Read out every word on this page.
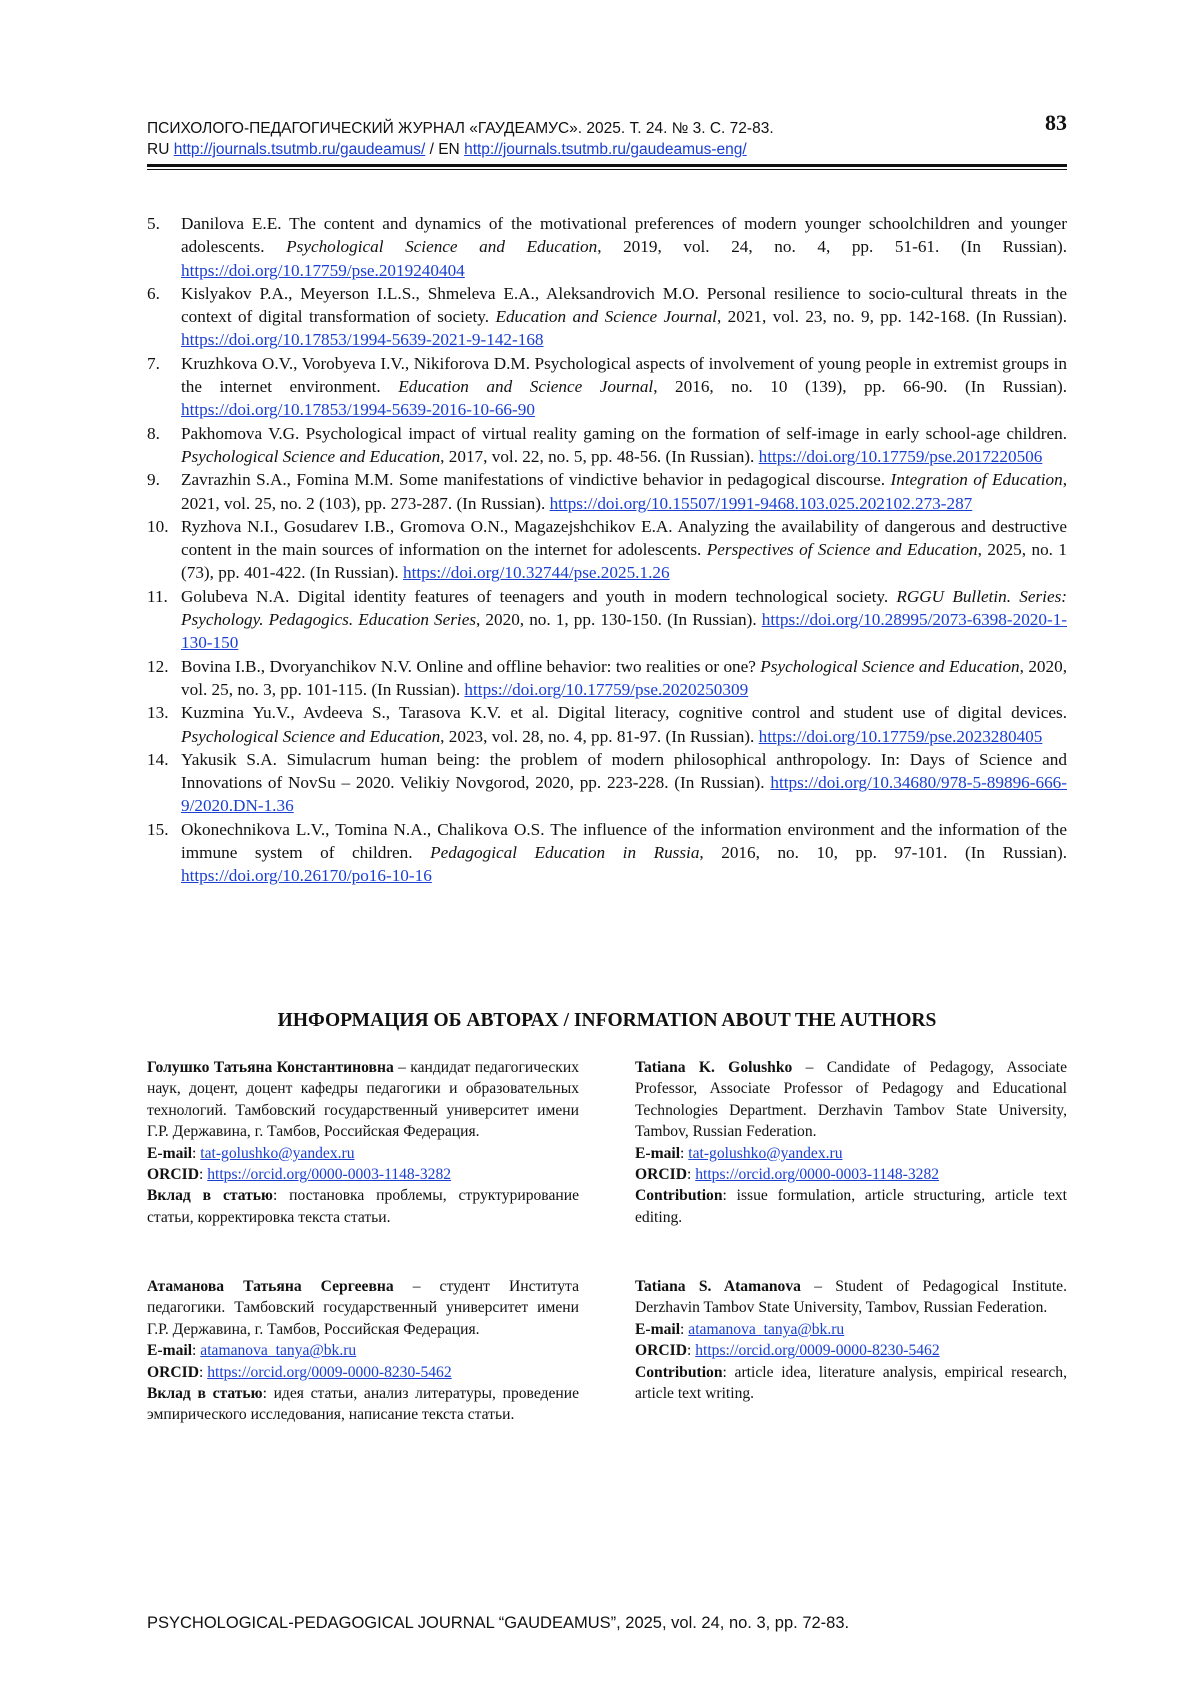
ПСИХОЛОГО-ПЕДАГОГИЧЕСКИЙ ЖУРНАЛ «ГАУДЕАМУС». 2025. Т. 24. № 3. С. 72-83.
RU http://journals.tsutmb.ru/gaudeamus/ / EN http://journals.tsutmb.ru/gaudeamus-eng/
83

5. Danilova E.E. The content and dynamics of the motivational preferences of modern younger schoolchildren and younger adolescents. Psychological Science and Education, 2019, vol. 24, no. 4, pp. 51-61. (In Russian). https://doi.org/10.17759/pse.2019240404

6. Kislyakov P.A., Meyerson I.L.S., Shmeleva E.A., Aleksandrovich M.O. Personal resilience to socio-cultural threats in the context of digital transformation of society. Education and Science Journal, 2021, vol. 23, no. 9, pp. 142-168. (In Russian). https://doi.org/10.17853/1994-5639-2021-9-142-168

7. Kruzhkova O.V., Vorobyeva I.V., Nikiforova D.M. Psychological aspects of involvement of young people in extremist groups in the internet environment. Education and Science Journal, 2016, no. 10 (139), pp. 66-90. (In Russian). https://doi.org/10.17853/1994-5639-2016-10-66-90

8. Pakhomova V.G. Psychological impact of virtual reality gaming on the formation of self-image in early school-age children. Psychological Science and Education, 2017, vol. 22, no. 5, pp. 48-56. (In Russian). https://doi.org/10.17759/pse.2017220506

9. Zavrazhin S.A., Fomina M.M. Some manifestations of vindictive behavior in pedagogical discourse. Integration of Education, 2021, vol. 25, no. 2 (103), pp. 273-287. (In Russian). https://doi.org/10.15507/1991-9468.103.025.202102.273-287

10. Ryzhova N.I., Gosudarev I.B., Gromova O.N., Magazejshchikov E.A. Analyzing the availability of dangerous and destructive content in the main sources of information on the internet for adolescents. Perspectives of Science and Education, 2025, no. 1 (73), pp. 401-422. (In Russian). https://doi.org/10.32744/pse.2025.1.26

11. Golubeva N.A. Digital identity features of teenagers and youth in modern technological society. RGGU Bulletin. Series: Psychology. Pedagogics. Education Series, 2020, no. 1, pp. 130-150. (In Russian). https://doi.org/10.28995/2073-6398-2020-1-130-150

12. Bovina I.B., Dvoryanchikov N.V. Online and offline behavior: two realities or one? Psychological Science and Education, 2020, vol. 25, no. 3, pp. 101-115. (In Russian). https://doi.org/10.17759/pse.2020250309

13. Kuzmina Yu.V., Avdeeva S., Tarasova K.V. et al. Digital literacy, cognitive control and student use of digital devices. Psychological Science and Education, 2023, vol. 28, no. 4, pp. 81-97. (In Russian). https://doi.org/10.17759/pse.2023280405

14. Yakusik S.A. Simulacrum human being: the problem of modern philosophical anthropology. In: Days of Science and Innovations of NovSu – 2020. Velikiy Novgorod, 2020, pp. 223-228. (In Russian). https://doi.org/10.34680/978-5-89896-666-9/2020.DN-1.36

15. Okonechnikova L.V., Tomina N.A., Chalikova O.S. The influence of the information environment and the information of the immune system of children. Pedagogical Education in Russia, 2016, no. 10, pp. 97-101. (In Russian). https://doi.org/10.26170/po16-10-16

ИНФОРМАЦИЯ ОБ АВТОРАХ / INFORMATION ABOUT THE AUTHORS

Голушко Татьяна Константиновна – кандидат педагогических наук, доцент, доцент кафедры педагогики и образовательных технологий. Тамбовский государственный университет имени Г.Р. Державина, г. Тамбов, Российская Федерация.

E-mail: tat-golushko@yandex.ru

ORCID: https://orcid.org/0000-0003-1148-3282

Вклад в статью: постановка проблемы, структурирование статьи, корректировка текста статьи.

Tatiana K. Golushko – Candidate of Pedagogy, Associate Professor, Associate Professor of Pedagogy and Educational Technologies Department. Derzhavin Tambov State University, Tambov, Russian Federation.

E-mail: tat-golushko@yandex.ru

ORCID: https://orcid.org/0000-0003-1148-3282

Contribution: issue formulation, article structuring, article text editing.

Атаманова Татьяна Сергеевна – студент Института педагогики. Тамбовский государственный университет имени Г.Р. Державина, г. Тамбов, Российская Федерация.

E-mail: atamanova_tanya@bk.ru

ORCID: https://orcid.org/0009-0000-8230-5462

Вклад в статью: идея статьи, анализ литературы, проведение эмпирического исследования, написание текста статьи.

Tatiana S. Atamanova – Student of Pedagogical Institute. Derzhavin Tambov State University, Tambov, Russian Federation.

E-mail: atamanova_tanya@bk.ru

ORCID: https://orcid.org/0009-0000-8230-5462

Contribution: article idea, literature analysis, empirical research, article text writing.

PSYCHOLOGICAL-PEDAGOGICAL JOURNAL “GAUDEAMUS”, 2025, vol. 24, no. 3, pp. 72-83.
